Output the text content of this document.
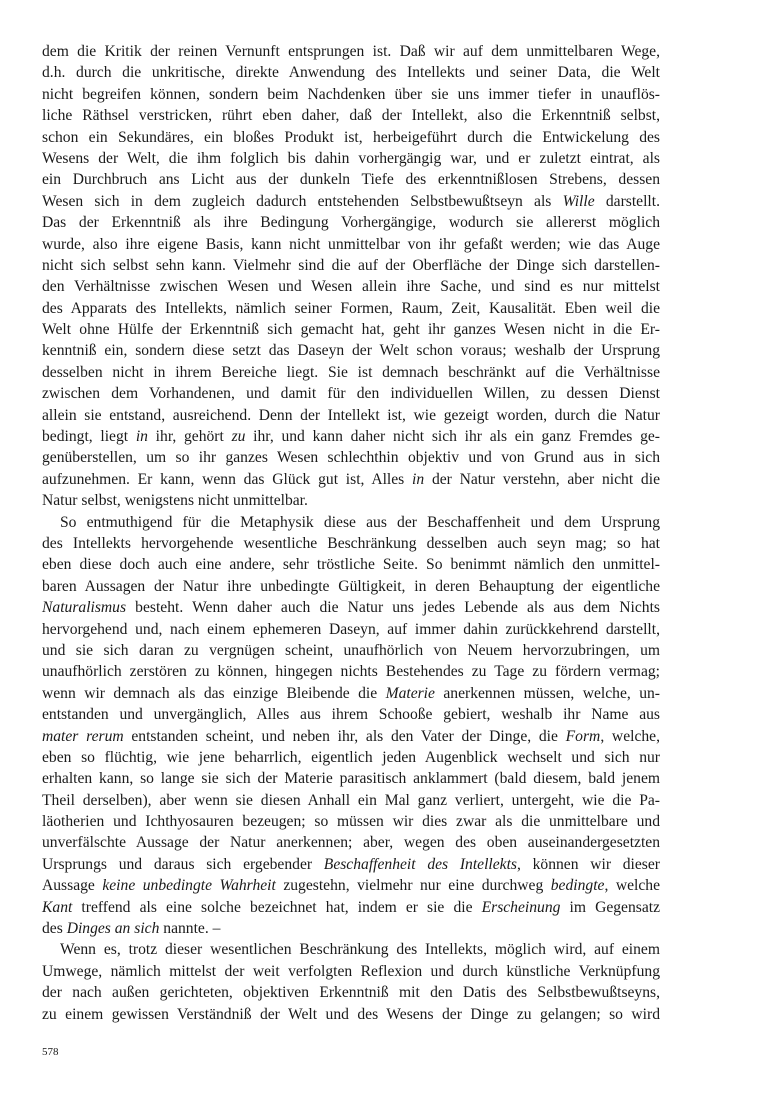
dem die Kritik der reinen Vernunft entsprungen ist. Daß wir auf dem unmittelbaren Wege,
d.h. durch die unkritische, direkte Anwendung des Intellekts und seiner Data, die Welt
nicht begreifen können, sondern beim Nachdenken über sie uns immer tiefer in unauflös-
liche Räthsel verstricken, rührt eben daher, daß der Intellekt, also die Erkenntniß selbst,
schon ein Sekundäres, ein bloßes Produkt ist, herbeigeführt durch die Entwickelung des
Wesens der Welt, die ihm folglich bis dahin vorhergängig war, und er zuletzt eintrat, als
ein Durchbruch ans Licht aus der dunkeln Tiefe des erkenntnißlosen Strebens, dessen
Wesen sich in dem zugleich dadurch entstehenden Selbstbewußtseyn als Wille darstellt.
Das der Erkenntniß als ihre Bedingung Vorhergängige, wodurch sie allererst möglich
wurde, also ihre eigene Basis, kann nicht unmittelbar von ihr gefaßt werden; wie das Auge
nicht sich selbst sehn kann. Vielmehr sind die auf der Oberfläche der Dinge sich darstellen-
den Verhältnisse zwischen Wesen und Wesen allein ihre Sache, und sind es nur mittelst
des Apparats des Intellekts, nämlich seiner Formen, Raum, Zeit, Kausalität. Eben weil die
Welt ohne Hülfe der Erkenntniß sich gemacht hat, geht ihr ganzes Wesen nicht in die Er-
kenntniß ein, sondern diese setzt das Daseyn der Welt schon voraus; weshalb der Ursprung
desselben nicht in ihrem Bereiche liegt. Sie ist demnach beschränkt auf die Verhältnisse
zwischen dem Vorhandenen, und damit für den individuellen Willen, zu dessen Dienst
allein sie entstand, ausreichend. Denn der Intellekt ist, wie gezeigt worden, durch die Natur
bedingt, liegt in ihr, gehört zu ihr, und kann daher nicht sich ihr als ein ganz Fremdes ge-
genüberstellen, um so ihr ganzes Wesen schlechthin objektiv und von Grund aus in sich
aufzunehmen. Er kann, wenn das Glück gut ist, Alles in der Natur verstehn, aber nicht die
Natur selbst, wenigstens nicht unmittelbar.
So entmuthigend für die Metaphysik diese aus der Beschaffenheit und dem Ursprung
des Intellekts hervorgehende wesentliche Beschränkung desselben auch seyn mag; so hat
eben diese doch auch eine andere, sehr tröstliche Seite. So benimmt nämlich den unmittel-
baren Aussagen der Natur ihre unbedingte Gültigkeit, in deren Behauptung der eigentliche
Naturalismus besteht. Wenn daher auch die Natur uns jedes Lebende als aus dem Nichts
hervorgehend und, nach einem ephemeren Daseyn, auf immer dahin zurückkehrend darstellt,
und sie sich daran zu vergnügen scheint, unaufhörlich von Neuem hervorzubringen, um
unaufhörlich zerstören zu können, hingegen nichts Bestehendes zu Tage zu fördern vermag;
wenn wir demnach als das einzige Bleibende die Materie anerkennen müssen, welche, un-
entstanden und unvergänglich, Alles aus ihrem Schooße gebiert, weshalb ihr Name aus
mater rerum entstanden scheint, und neben ihr, als den Vater der Dinge, die Form, welche,
eben so flüchtig, wie jene beharrlich, eigentlich jeden Augenblick wechselt und sich nur
erhalten kann, so lange sie sich der Materie parasitisch anklammert (bald diesem, bald jenem
Theil derselben), aber wenn sie diesen Anhall ein Mal ganz verliert, untergeht, wie die Pa-
läotherien und Ichthyosauren bezeugen; so müssen wir dies zwar als die unmittelbare und
unverfälschte Aussage der Natur anerkennen; aber, wegen des oben auseinandergesetzten
Ursprungs und daraus sich ergebender Beschaffenheit des Intellekts, können wir dieser
Aussage keine unbedingte Wahrheit zugestehn, vielmehr nur eine durchweg bedingte, welche
Kant treffend als eine solche bezeichnet hat, indem er sie die Erscheinung im Gegensatz
des Dinges an sich nannte. –
Wenn es, trotz dieser wesentlichen Beschränkung des Intellekts, möglich wird, auf einem
Umwege, nämlich mittelst der weit verfolgten Reflexion und durch künstliche Verknüpfung
der nach außen gerichteten, objektiven Erkenntniß mit den Datis des Selbstbewußtseyns,
zu einem gewissen Verständniß der Welt und des Wesens der Dinge zu gelangen; so wird
578
